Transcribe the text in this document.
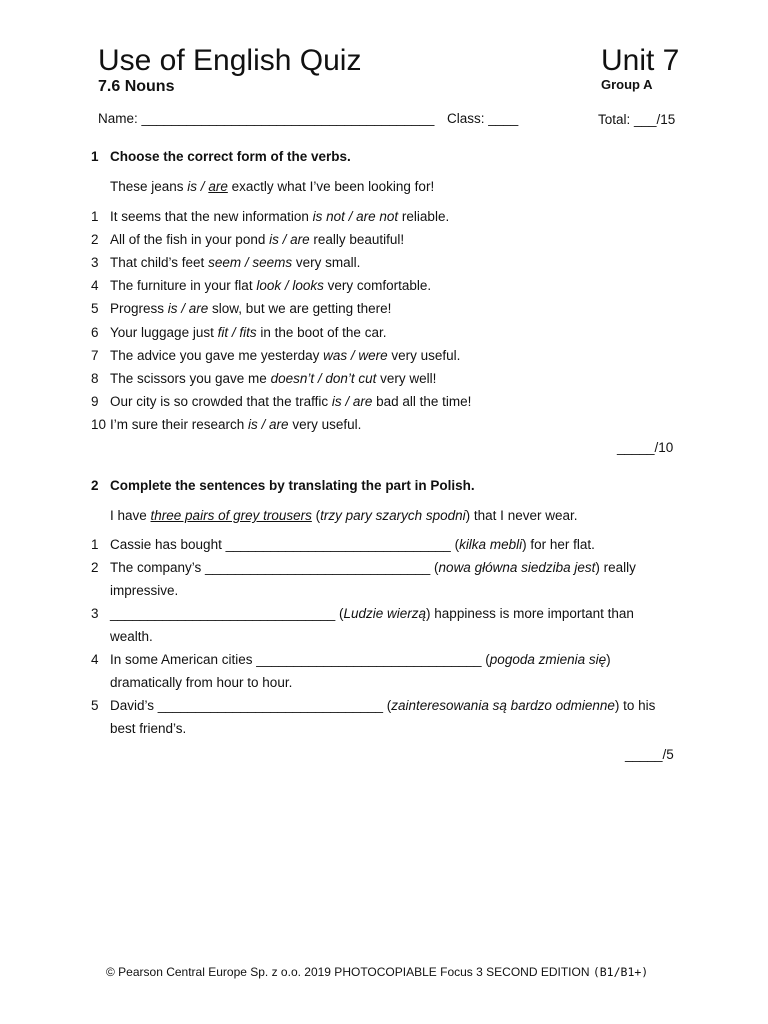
Use of English Quiz
7.6 Nouns
Unit 7
Group A
Name: _______________________________________ Class: ____	Total: ___/15
1 Choose the correct form of the verbs.
These jeans is / are exactly what I’ve been looking for!
1 It seems that the new information is not / are not reliable.
2 All of the fish in your pond is / are really beautiful!
3 That child’s feet seem / seems very small.
4 The furniture in your flat look / looks very comfortable.
5 Progress is / are slow, but we are getting there!
6 Your luggage just fit / fits in the boot of the car.
7 The advice you gave me yesterday was / were very useful.
8 The scissors you gave me doesn’t / don’t cut very well!
9 Our city is so crowded that the traffic is / are bad all the time!
10 I’m sure their research is / are very useful.
_____/10
2 Complete the sentences by translating the part in Polish.
I have three pairs of grey trousers (trzy pary szarych spodni) that I never wear.
1 Cassie has bought ______________________________ (kilka mebli) for her flat.
2 The company’s ______________________________ (nowa główna siedziba jest) really impressive.
3 ______________________________ (Ludzie wierzą) happiness is more important than wealth.
4 In some American cities ______________________________ (pogoda zmienia się) dramatically from hour to hour.
5 David’s ______________________________ (zainteresowania są bardzo odmienne) to his best friend’s.
_____/5
© Pearson Central Europe Sp. z o.o. 2019 PHOTOCOPIABLE Focus 3 SECOND EDITION (B1/B1+)
